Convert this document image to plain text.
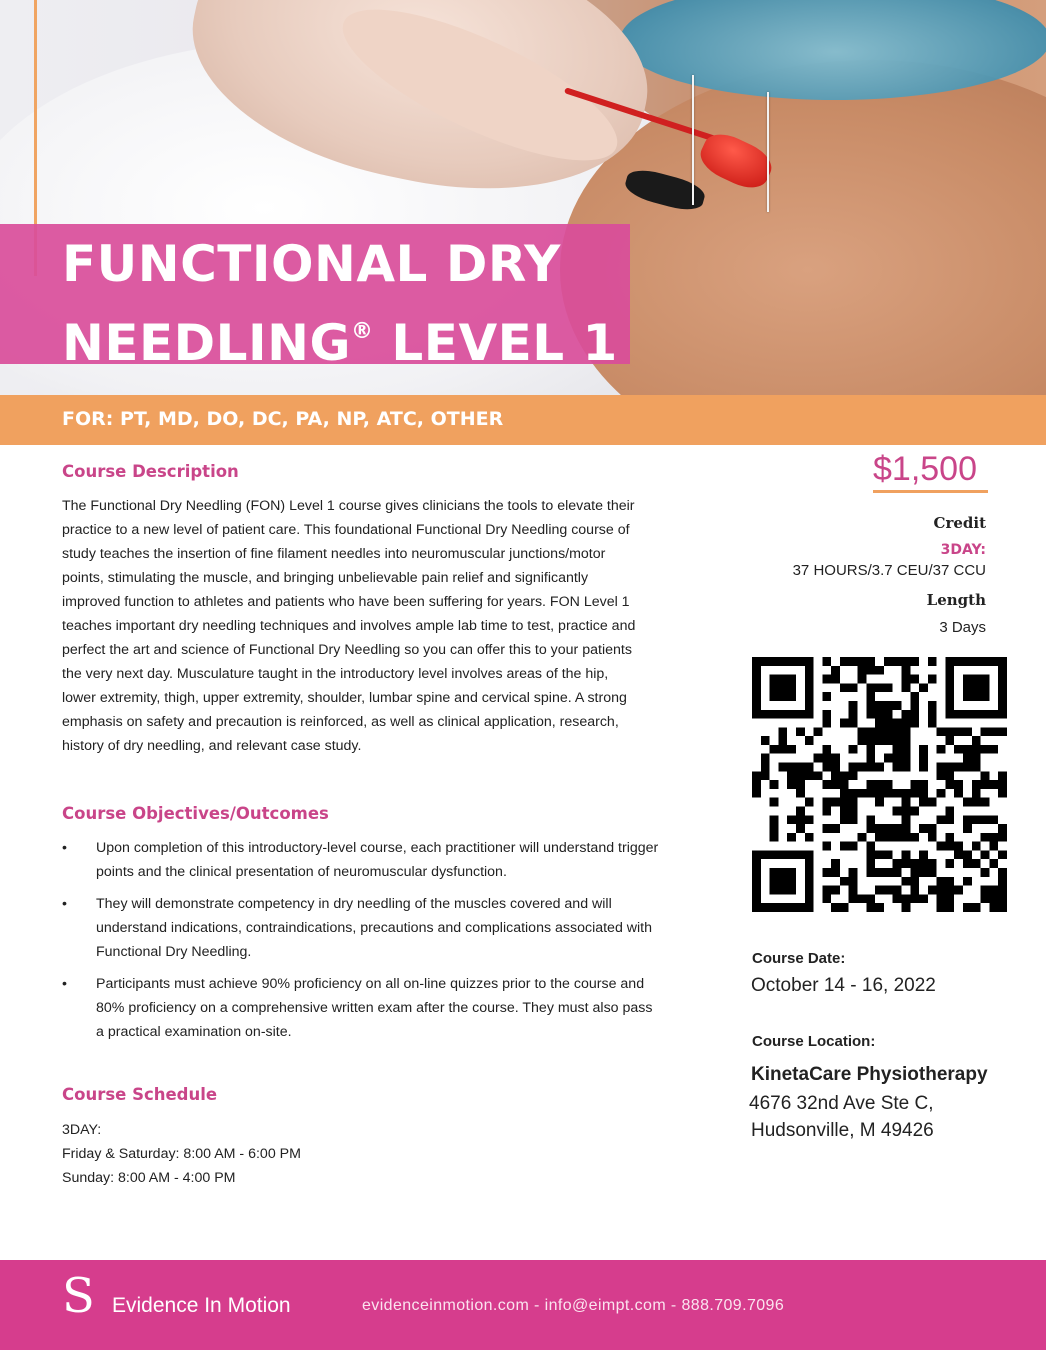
FUNCTIONAL DRY
NEEDLING® LEVEL 1
FOR: PT, MD, DO, DC, PA, NP, ATC, OTHER
Course Description

The Functional Dry Needling (FON) Level 1 course gives clinicians the tools to elevate their practice to a new level of patient care. This foundational Functional Dry Needling course of study teaches the insertion of fine filament needles into neuromuscular junctions/motor points, stimulating the muscle, and bringing unbelievable pain relief and significantly improved function to athletes and patients who have been suffering for years. FON Level 1 teaches important dry needling techniques and involves ample lab time to test, practice and perfect the art and science of Functional Dry Needling so you can offer this to your patients the very next day. Musculature taught in the introductory level involves areas of the hip, lower extremity, thigh, upper extremity, shoulder, lumbar spine and cervical spine. A strong emphasis on safety and precaution is reinforced, as well as clinical application, research, history of dry needling, and relevant case study.

Course Objectives/Outcomes
• Upon completion of this introductory-level course, each practitioner will understand trigger points and the clinical presentation of neuromuscular dysfunction.
• They will demonstrate competency in dry needling of the muscles covered and will understand indications, contraindications, precautions and complications associated with Functional Dry Needling.
• Participants must achieve 90% proficiency on all on-line quizzes prior to the course and 80% proficiency on a comprehensive written exam after the course. They must also pass a practical examination on-site.
Course Schedule
3DAY:
Friday & Saturday: 8:00 AM - 6:00 PM
Sunday: 8:00 AM - 4:00 PM
$1,500
Credit
3DAY:
37 HOURS/3.7 CEU/37 CCU
Length
3 Days
Course Date:
October 14 - 16, 2022
Course Location:
KinetaCare Physiotherapy
4676 32nd Ave Ste C,
Hudsonville, M 49426
S Evidence In Motion	evidenceinmotion.com - info@eimpt.com - 888.709.7096
